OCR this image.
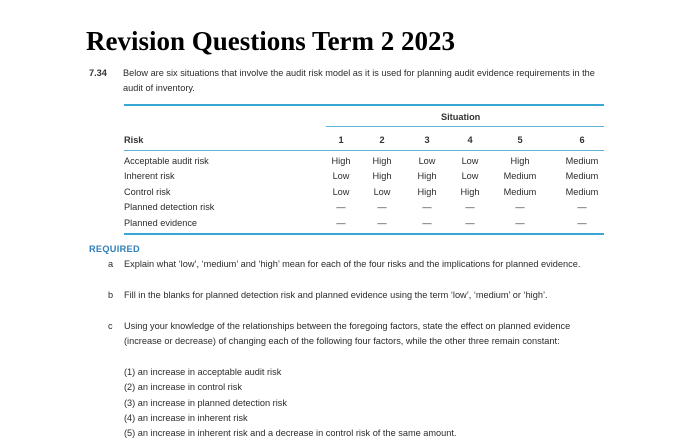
Revision Questions Term 2 2023
7.34 Below are six situations that involve the audit risk model as it is used for planning audit evidence requirements in the audit of inventory.
Situation
Risk	1	2	3	4	5	6
Acceptable audit risk	High	High	Low	Low	High	Medium
Inherent risk	Low	High	High	Low	Medium	Medium
Control risk	Low	Low	High	High	Medium	Medium
Planned detection risk	—	—	—	—	—	—
Planned evidence	—	—	—	—	—	—
REQUIRED
a Explain what ‘low’, ‘medium’ and ‘high’ mean for each of the four risks and the implications for planned evidence.
b Fill in the blanks for planned detection risk and planned evidence using the term ‘low’, ‘medium’ or ‘high’.
c Using your knowledge of the relationships between the foregoing factors, state the effect on planned evidence (increase or decrease) of changing each of the following four factors, while the other three remain constant:
(1) an increase in acceptable audit risk
(2) an increase in control risk
(3) an increase in planned detection risk
(4) an increase in inherent risk
(5) an increase in inherent risk and a decrease in control risk of the same amount.
